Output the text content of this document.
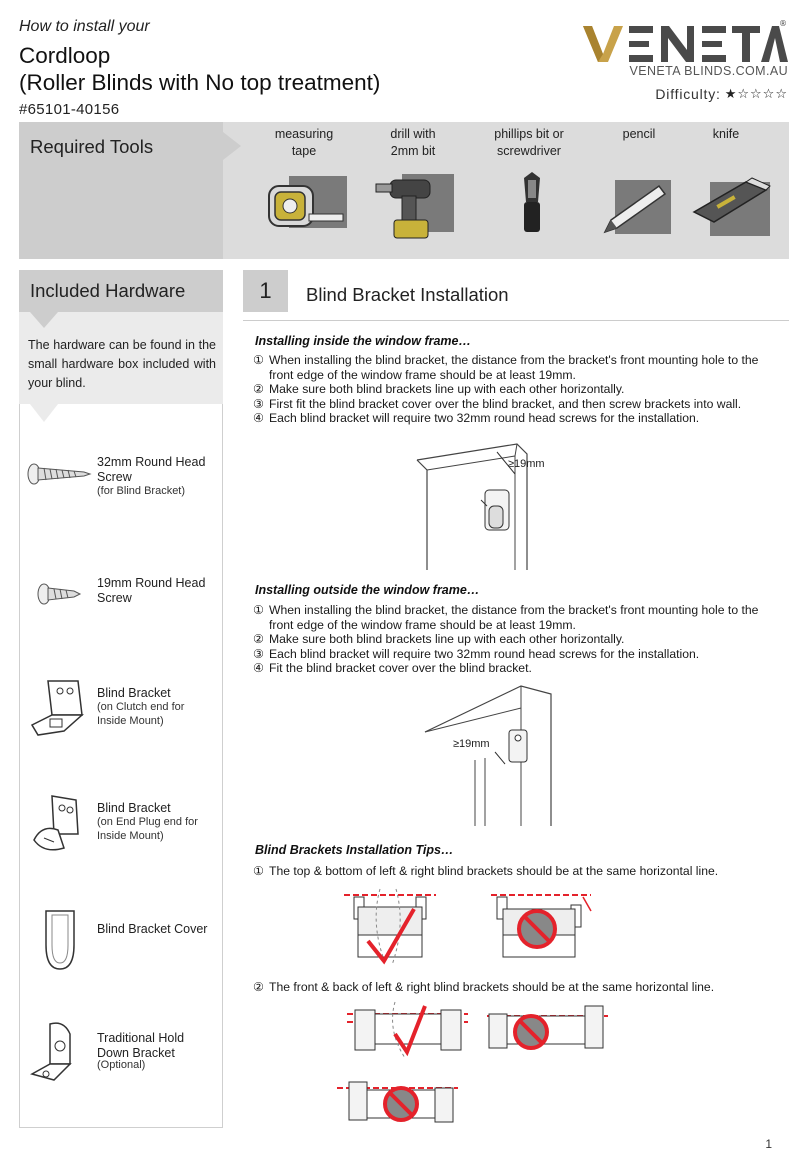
How to install your
Cordloop
(Roller Blinds with No top treatment)
#65101-40156
®
VENETA BLINDS.COM.AU
Difficulty: ★☆☆☆☆
Required Tools
measuring
tape
drill with
2mm bit
phillips bit or
screwdriver
pencil	knife
Included Hardware
The hardware can be found in the small hardware box included with your blind.
32mm Round Head Screw
(for Blind Bracket)
19mm Round Head Screw
Blind Bracket
(on Clutch end for Inside Mount)
Blind Bracket
(on End Plug end for Inside Mount)
Blind Bracket Cover
Traditional Hold Down Bracket
(Optional)
1	Blind Bracket Installation
Installing inside the window frame…
① When installing the blind bracket, the distance from the bracket's front mounting hole to the front edge of the window frame should be at least 19mm.
② Make sure both blind brackets line up with each other horizontally.
③ First fit the blind bracket cover over the blind bracket, and then screw brackets into wall.
④ Each blind bracket will require two 32mm round head screws for the installation.
≥19mm
Installing outside the window frame…
① When installing the blind bracket, the distance from the bracket's front mounting hole to the front edge of the window frame should be at least 19mm.
② Make sure both blind brackets line up with each other horizontally.
③ Each blind bracket will require two 32mm round head screws for the installation.
④ Fit the blind bracket cover over the blind bracket.
≥19mm
Blind Brackets Installation Tips…
① The top & bottom of left & right blind brackets should be at the same horizontal line.
② The front & back of left & right blind brackets should be at the same horizontal line.
1
